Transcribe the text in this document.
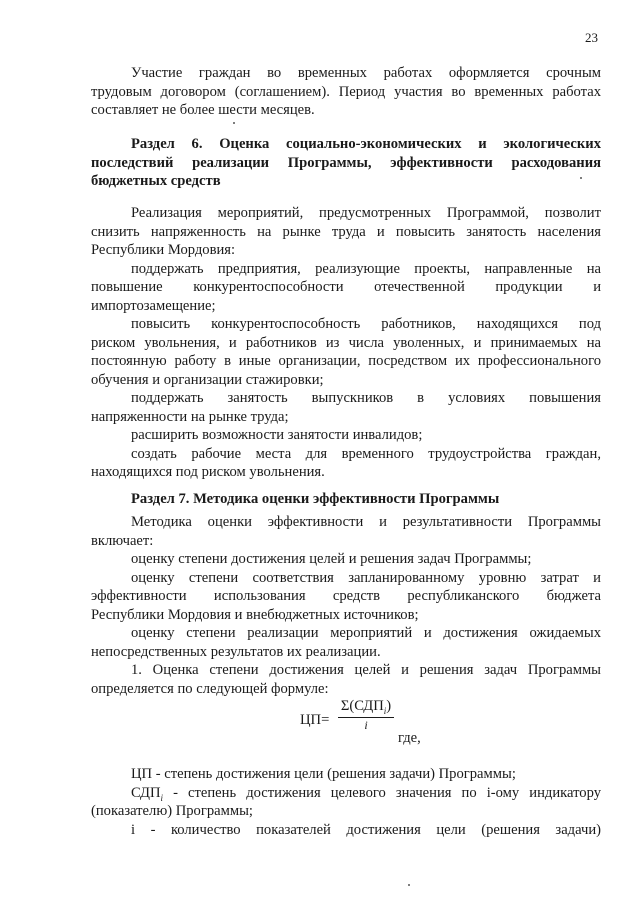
23
Участие граждан во временных работах оформляется срочным
трудовым договором (соглашением). Период участия во временных работах
составляет не более шести месяцев.
Раздел 6. Оценка социально-экономических и экологических
последствий реализации Программы, эффективности расходования
бюджетных средств
Реализация мероприятий, предусмотренных Программой, позволит
снизить напряженность на рынке труда и повысить занятость населения
Республики Мордовия:
поддержать предприятия, реализующие проекты, направленные на
повышение конкурентоспособности отечественной продукции и
импортозамещение;
повысить конкурентоспособность работников, находящихся под
риском увольнения, и работников из числа уволенных, и принимаемых на
постоянную работу в иные организации, посредством их профессионального
обучения и организации стажировки;
поддержать занятость выпускников в условиях повышения
напряженности на рынке труда;
расширить возможности занятости инвалидов;
создать рабочие места для временного трудоустройства граждан,
находящихся под риском увольнения.
Раздел 7. Методика оценки эффективности Программы
Методика оценки эффективности и результативности Программы
включает:
оценку степени достижения целей и решения задач Программы;
оценку степени соответствия запланированному уровню затрат и
эффективности использования средств республиканского бюджета
Республики Мордовия и внебюджетных источников;
оценку степени реализации мероприятий и достижения ожидаемых
непосредственных результатов их реализации.
1. Оценка степени достижения целей и решения задач Программы
определяется по следующей формуле:
ЦП=
$\Sigma(СДП_i)$
i
где,
ЦП - степень достижения цели (решения задачи) Программы;
$СДП_i$ - степень достижения целевого значения по i-ому индикатору
(показателю) Программы;
i - количество показателей достижения цели (решения задачи)
